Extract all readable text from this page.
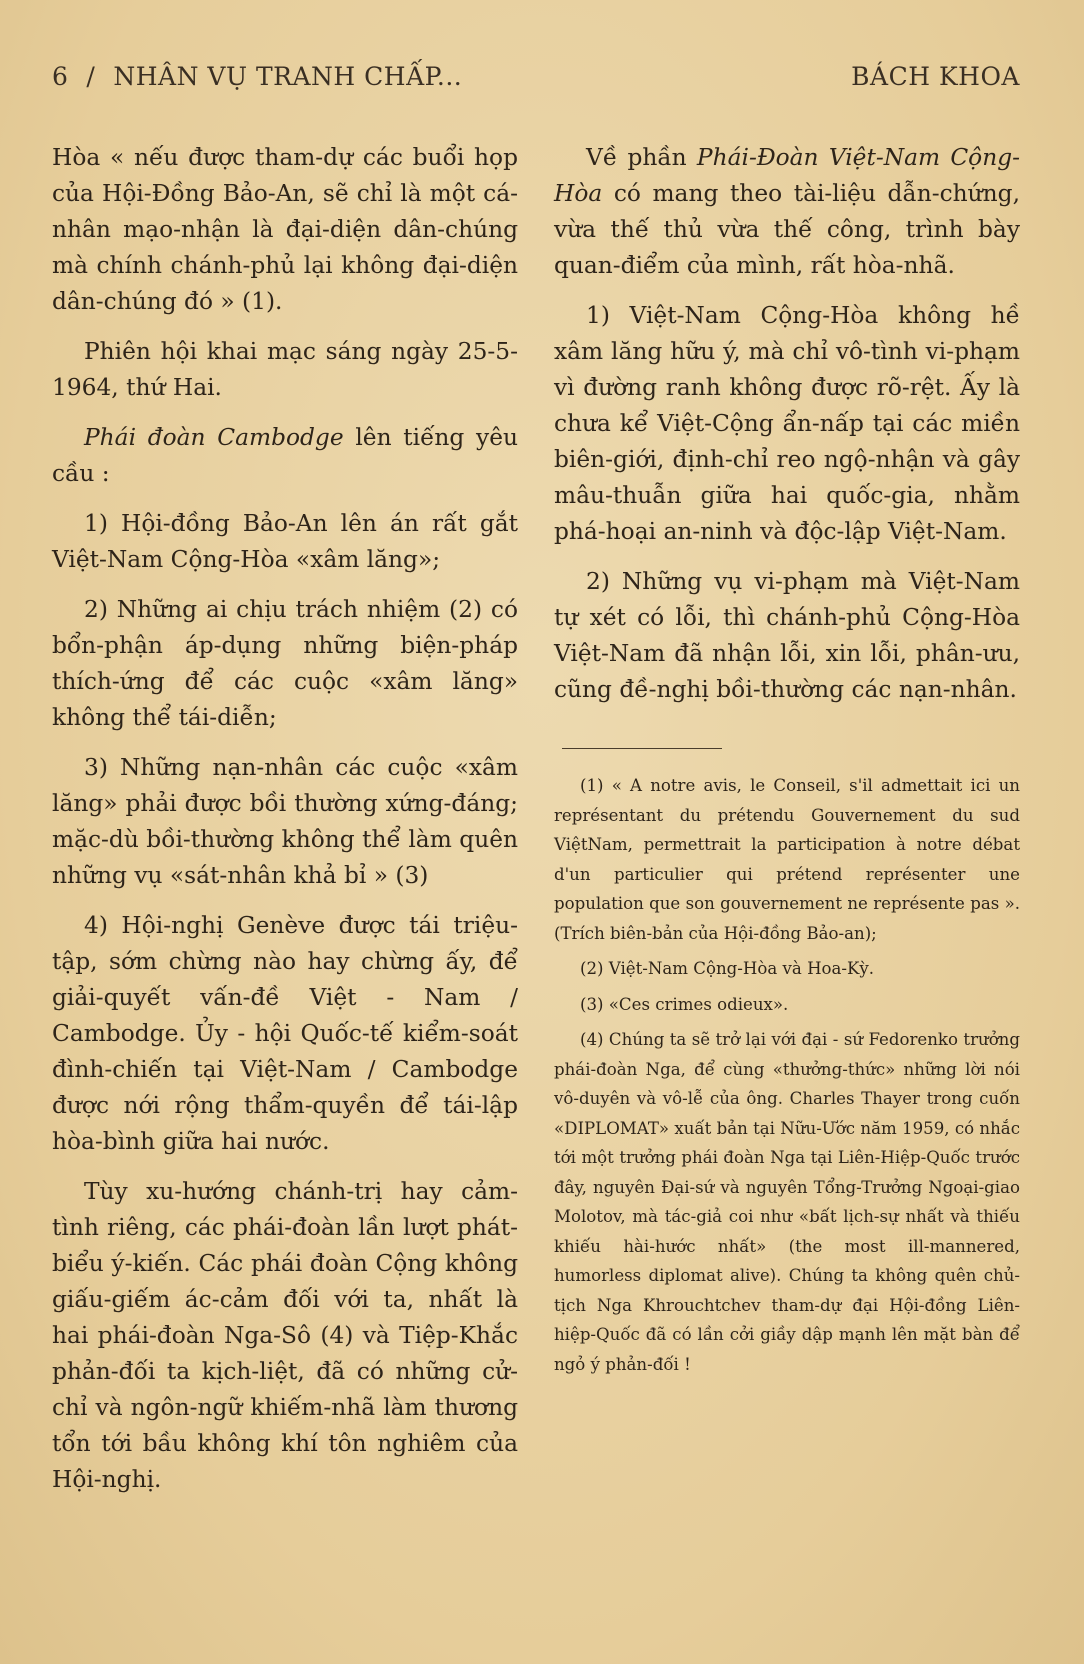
6 / NHÂN VỤ TRANH CHẤP...	BÁCH KHOA

Hòa « nếu được tham-dự các buổi họp của Hội-Đồng Bảo-An, sẽ chỉ là một cá-nhân mạo-nhận là đại-diện dân-chúng mà chính chánh-phủ lại không đại-diện dân-chúng đó » (1).

Phiên hội khai mạc sáng ngày 25-5-1964, thứ Hai.

Phái đoàn Cambodge lên tiếng yêu cầu :

1) Hội-đồng Bảo-An lên án rất gắt Việt-Nam Cộng-Hòa «xâm lăng»;

2) Những ai chịu trách nhiệm (2) có bổn-phận áp-dụng những biện-pháp thích-ứng để các cuộc «xâm lăng» không thể tái-diễn;

3) Những nạn-nhân các cuộc «xâm lăng» phải được bồi thường xứng-đáng; mặc-dù bồi-thường không thể làm quên những vụ «sát-nhân khả bỉ » (3)

4) Hội-nghị Genève được tái triệu-tập, sớm chừng nào hay chừng ấy, để giải-quyết vấn-đề Việt - Nam / Cambodge. Ủy - hội Quốc-tế kiểm-soát đình-chiến tại Việt-Nam / Cambodge được nới rộng thẩm-quyền để tái-lập hòa-bình giữa hai nước.

Tùy xu-hướng chánh-trị hay cảm-tình riêng, các phái-đoàn lần lượt phát-biểu ý-kiến. Các phái đoàn Cộng không giấu-giếm ác-cảm đối với ta, nhất là hai phái-đoàn Nga-Sô (4) và Tiệp-Khắc phản-đối ta kịch-liệt, đã có những cử-chỉ và ngôn-ngữ khiếm-nhã làm thương tổn tới bầu không khí tôn nghiêm của Hội-nghị.

Về phần Phái-Đoàn Việt-Nam Cộng-Hòa có mang theo tài-liệu dẫn-chứng, vừa thế thủ vừa thế công, trình bày quan-điểm của mình, rất hòa-nhã.

1) Việt-Nam Cộng-Hòa không hề xâm lăng hữu ý, mà chỉ vô-tình vi-phạm vì đường ranh không được rõ-rệt. Ấy là chưa kể Việt-Cộng ẩn-nấp tại các miền biên-giới, định-chỉ reo ngộ-nhận và gây mâu-thuẫn giữa hai quốc-gia, nhằm phá-hoại an-ninh và độc-lập Việt-Nam.

2) Những vụ vi-phạm mà Việt-Nam tự xét có lỗi, thì chánh-phủ Cộng-Hòa Việt-Nam đã nhận lỗi, xin lỗi, phân-ưu, cũng đề-nghị bồi-thường các nạn-nhân.

(1) « A notre avis, le Conseil, s'il admettait ici un représentant du prétendu Gouvernement du sud ViệtNam, permettrait la participation à notre débat d'un particulier qui prétend représenter une population que son gouvernement ne représente pas ». (Trích biên-bản của Hội-đồng Bảo-an);

(2) Việt-Nam Cộng-Hòa và Hoa-Kỳ.

(3) «Ces crimes odieux».

(4) Chúng ta sẽ trở lại với đại - sứ Fedorenko trưởng phái-đoàn Nga, để cùng «thưởng-thức» những lời nói vô-duyên và vô-lễ của ông. Charles Thayer trong cuốn «DIPLOMAT» xuất bản tại Nữu-Ước năm 1959, có nhắc tới một trưởng phái đoàn Nga tại Liên-Hiệp-Quốc trước đây, nguyên Đại-sứ và nguyên Tổng-Trưởng Ngoại-giao Molotov, mà tác-giả coi như «bất lịch-sự nhất và thiếu khiếu hài-hước nhất» (the most ill-mannered, humorless diplomat alive). Chúng ta không quên chủ-tịch Nga Khrouchtchev tham-dự đại Hội-đồng Liên-hiệp-Quốc đã có lần cởi giầy dập mạnh lên mặt bàn để ngỏ ý phản-đối !
